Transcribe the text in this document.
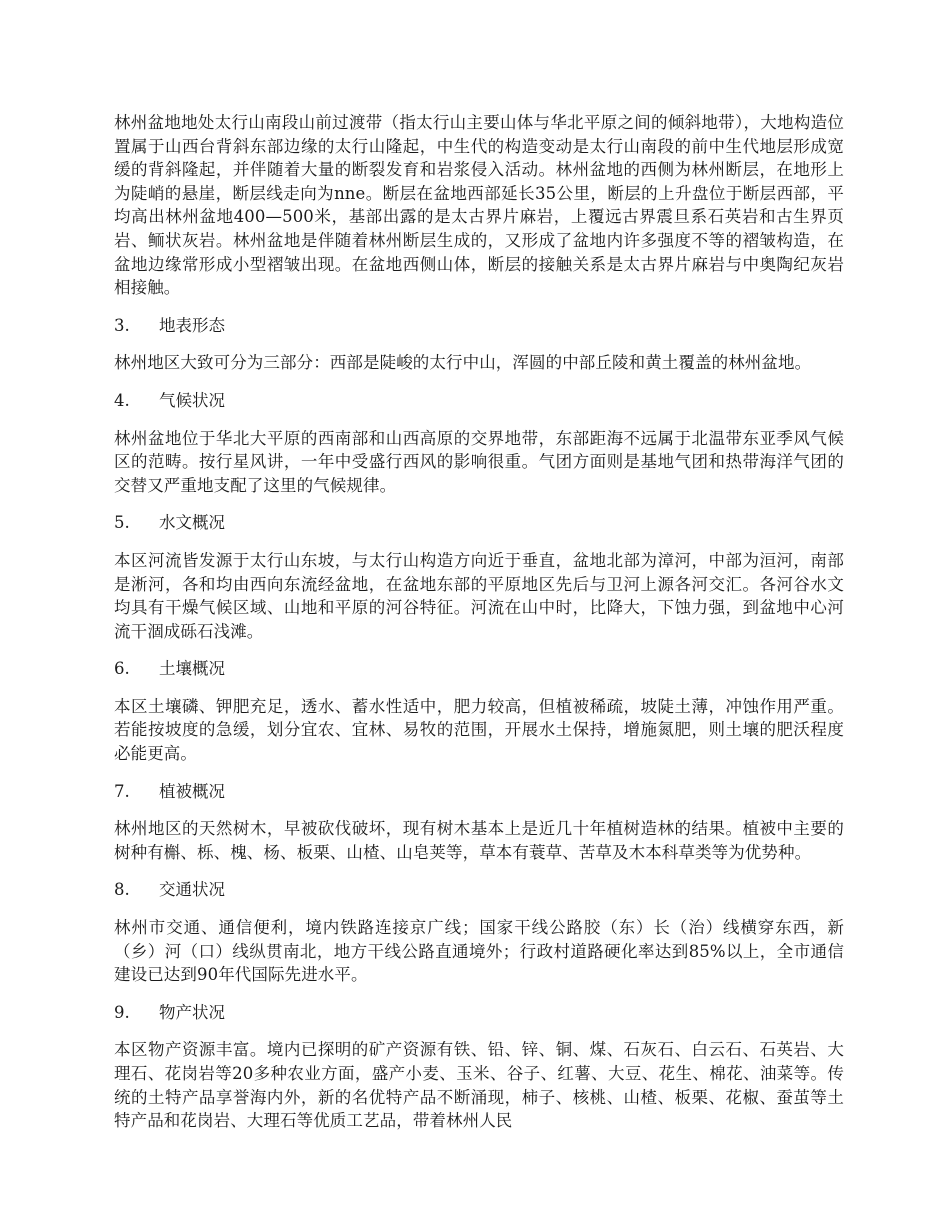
林州盆地地处太行山南段山前过渡带（指太行山主要山体与华北平原之间的倾斜地带），大地构造位置属于山西台背斜东部边缘的太行山隆起，中生代的构造变动是太行山南段的前中生代地层形成宽缓的背斜隆起，并伴随着大量的断裂发育和岩浆侵入活动。林州盆地的西侧为林州断层，在地形上为陡峭的悬崖，断层线走向为nne。断层在盆地西部延长35公里，断层的上升盘位于断层西部，平均高出林州盆地400—500米，基部出露的是太古界片麻岩，上覆远古界震旦系石英岩和古生界页岩、鲕状灰岩。林州盆地是伴随着林州断层生成的，又形成了盆地内许多强度不等的褶皱构造，在盆地边缘常形成小型褶皱出现。在盆地西侧山体，断层的接触关系是太古界片麻岩与中奥陶纪灰岩相接触。

3.	地表形态

林州地区大致可分为三部分：西部是陡峻的太行中山，浑圆的中部丘陵和黄土覆盖的林州盆地。

4.	气候状况

林州盆地位于华北大平原的西南部和山西高原的交界地带，东部距海不远属于北温带东亚季风气候区的范畴。按行星风讲，一年中受盛行西风的影响很重。气团方面则是基地气团和热带海洋气团的交替又严重地支配了这里的气候规律。

5.	水文概况

本区河流皆发源于太行山东坡，与太行山构造方向近于垂直，盆地北部为漳河，中部为洹河，南部是淅河，各和均由西向东流经盆地，在盆地东部的平原地区先后与卫河上源各河交汇。各河谷水文均具有干燥气候区域、山地和平原的河谷特征。河流在山中时，比降大，下蚀力强，到盆地中心河流干涸成砾石浅滩。

6.	土壤概况

本区土壤磷、钾肥充足，透水、蓄水性适中，肥力较高，但植被稀疏，坡陡土薄，冲蚀作用严重。若能按坡度的急缓，划分宜农、宜林、易牧的范围，开展水土保持，增施氮肥，则土壤的肥沃程度必能更高。

7.	植被概况

林州地区的天然树木，早被砍伐破坏，现有树木基本上是近几十年植树造林的结果。植被中主要的树种有槲、栎、槐、杨、板栗、山楂、山皂荚等，草本有蓑草、苦草及木本科草类等为优势种。

8.	交通状况

林州市交通、通信便利，境内铁路连接京广线；国家干线公路胶（东）长（治）线横穿东西，新（乡）河（口）线纵贯南北，地方干线公路直通境外；行政村道路硬化率达到85%以上，全市通信建设已达到90年代国际先进水平。

9.	物产状况

本区物产资源丰富。境内已探明的矿产资源有铁、铅、锌、铜、煤、石灰石、白云石、石英岩、大理石、花岗岩等20多种农业方面，盛产小麦、玉米、谷子、红薯、大豆、花生、棉花、油菜等。传统的土特产品享誉海内外，新的名优特产品不断涌现，柿子、核桃、山楂、板栗、花椒、蚕茧等土特产品和花岗岩、大理石等优质工艺品，带着林州人民
